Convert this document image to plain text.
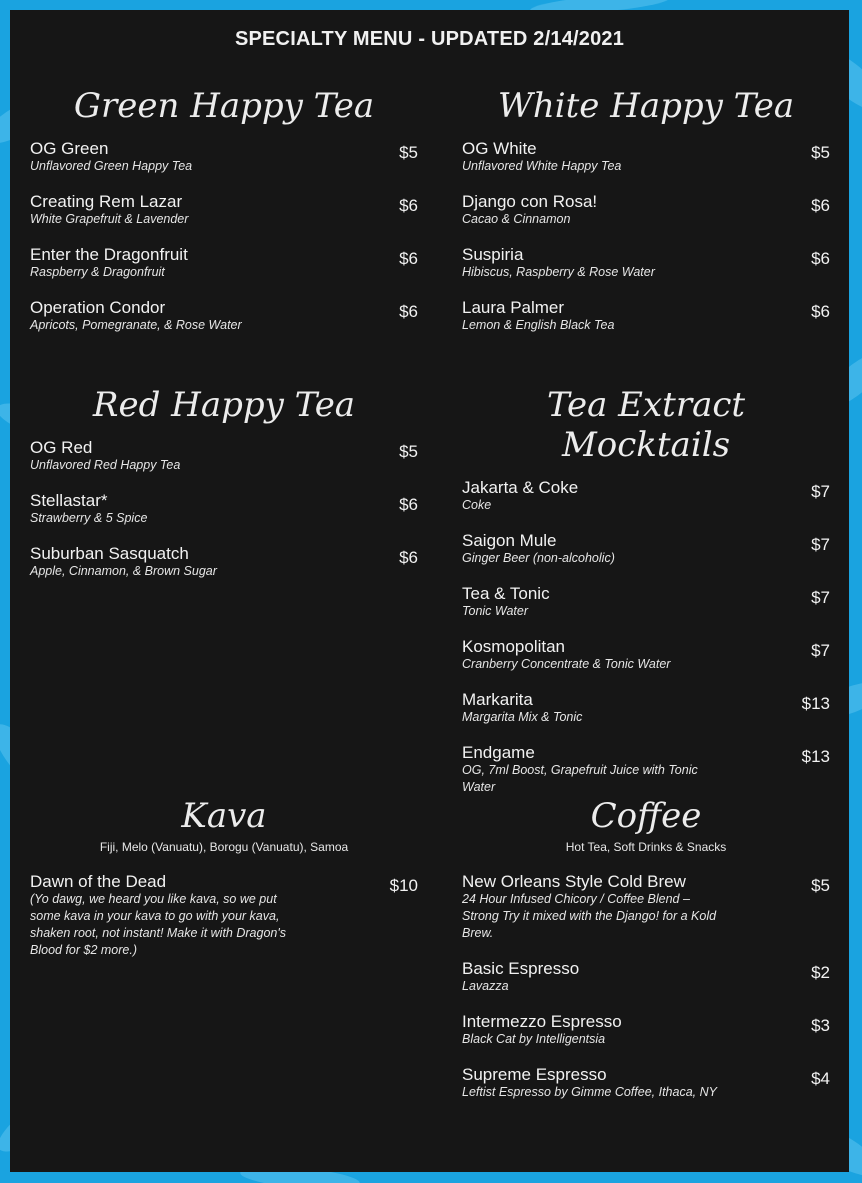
SPECIALTY MENU - UPDATED 2/14/2021
Green Happy Tea
OG Green
Unflavored Green Happy Tea
$5
Creating Rem Lazar
White Grapefruit & Lavender
$6
Enter the Dragonfruit
Raspberry & Dragonfruit
$6
Operation Condor
Apricots, Pomegranate, & Rose Water
$6
White Happy Tea
OG White
Unflavored White Happy Tea
$5
Django con Rosa!
Cacao & Cinnamon
$6
Suspiria
Hibiscus, Raspberry & Rose Water
$6
Laura Palmer
Lemon & English Black Tea
$6
Red Happy Tea
OG Red
Unflavored Red Happy Tea
$5
Stellastar*
Strawberry & 5 Spice
$6
Suburban Sasquatch
Apple, Cinnamon, & Brown Sugar
$6
Tea Extract Mocktails
Jakarta & Coke
Coke
$7
Saigon Mule
Ginger Beer (non-alcoholic)
$7
Tea & Tonic
Tonic Water
$7
Kosmopolitan
Cranberry Concentrate & Tonic Water
$7
Markarita
Margarita Mix & Tonic
$13
Endgame
OG, 7ml Boost, Grapefruit Juice with Tonic Water
$13
Kava
Fiji, Melo (Vanuatu), Borogu (Vanuatu), Samoa
Dawn of the Dead
(Yo dawg, we heard you like kava, so we put some kava in your kava to go with your kava, shaken root, not instant! Make it with Dragon's Blood for $2 more.)
$10
Coffee
Hot Tea, Soft Drinks & Snacks
New Orleans Style Cold Brew
24 Hour Infused Chicory / Coffee Blend – Strong Try it mixed with the Django! for a Kold Brew.
$5
Basic Espresso
Lavazza
$2
Intermezzo Espresso
Black Cat by Intelligentsia
$3
Supreme Espresso
Leftist Espresso by Gimme Coffee, Ithaca, NY
$4
